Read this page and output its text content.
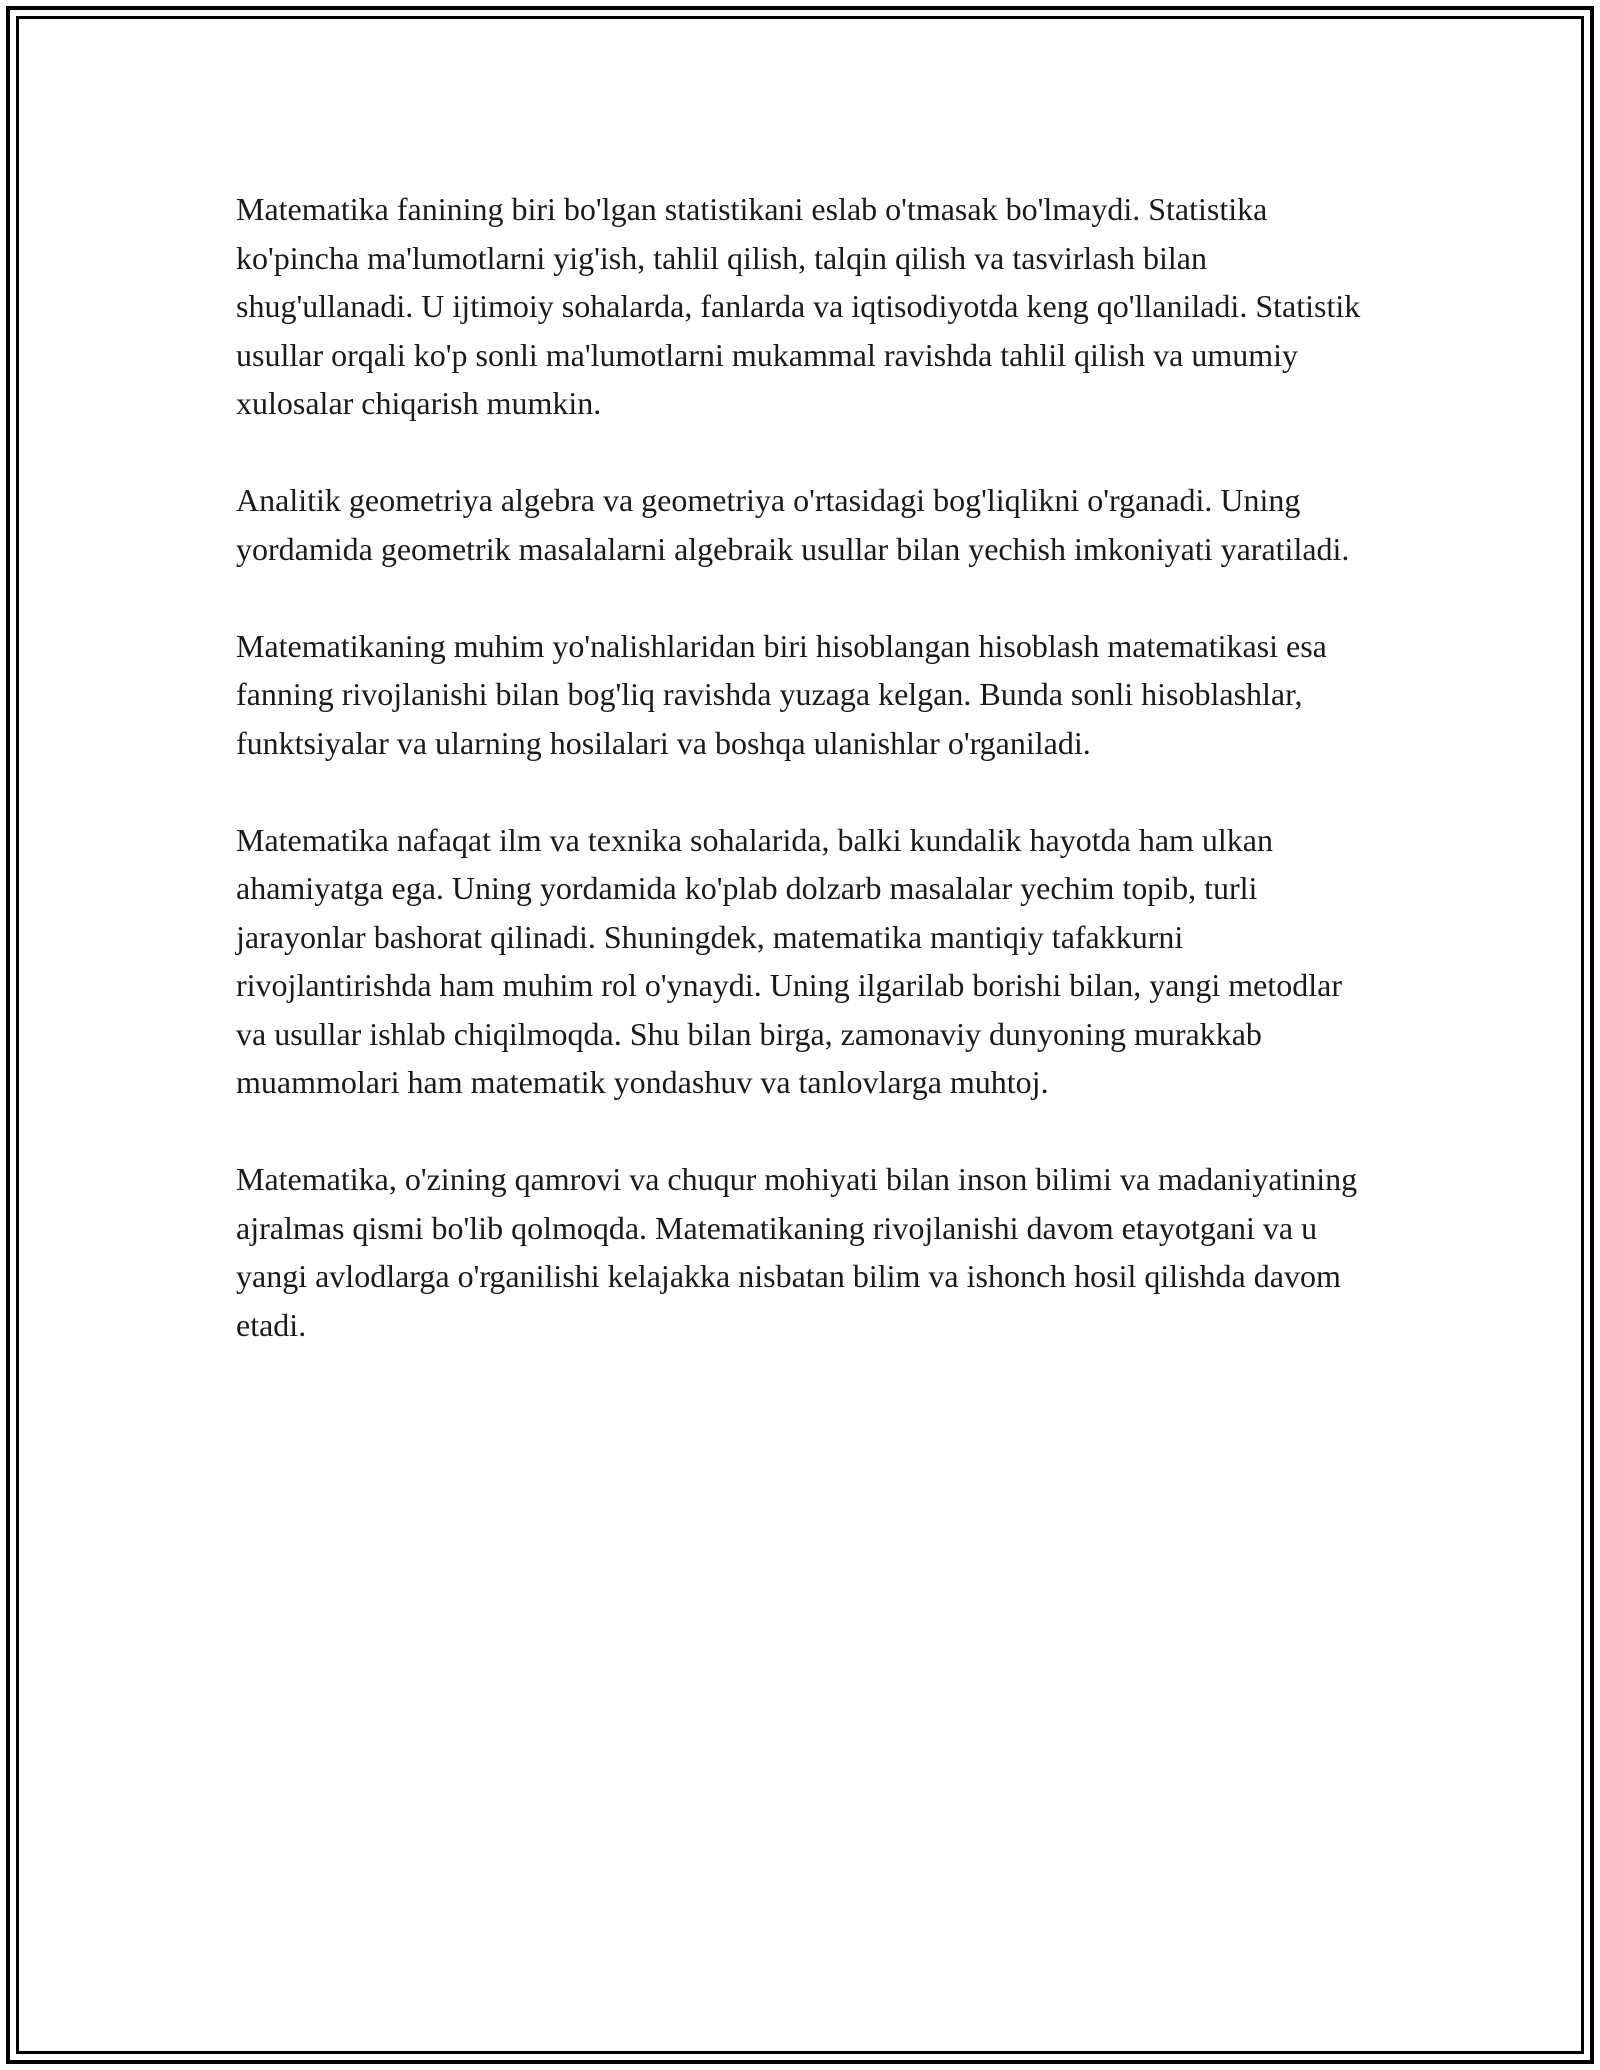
Matematika fanining biri bo'lgan statistikani eslab o'tmasak bo'lmaydi. Statistika ko'pincha ma'lumotlarni yig'ish, tahlil qilish, talqin qilish va tasvirlash bilan shug'ullanadi. U ijtimoiy sohalarda, fanlarda va iqtisodiyotda keng qo'llaniladi. Statistik usullar orqali ko'p sonli ma'lumotlarni mukammal ravishda tahlil qilish va umumiy xulosalar chiqarish mumkin.

Analitik geometriya algebra va geometriya o'rtasidagi bog'liqlikni o'rganadi. Uning yordamida geometrik masalalarni algebraik usullar bilan yechish imkoniyati yaratiladi.

Matematikaning muhim yo'nalishlaridan biri hisoblangan hisoblash matematikasi esa fanning rivojlanishi bilan bog'liq ravishda yuzaga kelgan. Bunda sonli hisoblashlar, funktsiyalar va ularning hosilalari va boshqa ulanishlar o'rganiladi.

Matematika nafaqat ilm va texnika sohalarida, balki kundalik hayotda ham ulkan ahamiyatga ega. Uning yordamida ko'plab dolzarb masalalar yechim topib, turli jarayonlar bashorat qilinadi. Shuningdek, matematika mantiqiy tafakkurni rivojlantirishda ham muhim rol o'ynaydi. Uning ilgarilab borishi bilan, yangi metodlar va usullar ishlab chiqilmoqda. Shu bilan birga, zamonaviy dunyoning murakkab muammolari ham matematik yondashuv va tanlovlarga muhtoj.

Matematika, o'zining qamrovi va chuqur mohiyati bilan inson bilimi va madaniyatining ajralmas qismi bo'lib qolmoqda. Matematikaning rivojlanishi davom etayotgani va u yangi avlodlarga o'rganilishi kelajakka nisbatan bilim va ishonch hosil qilishda davom etadi.
